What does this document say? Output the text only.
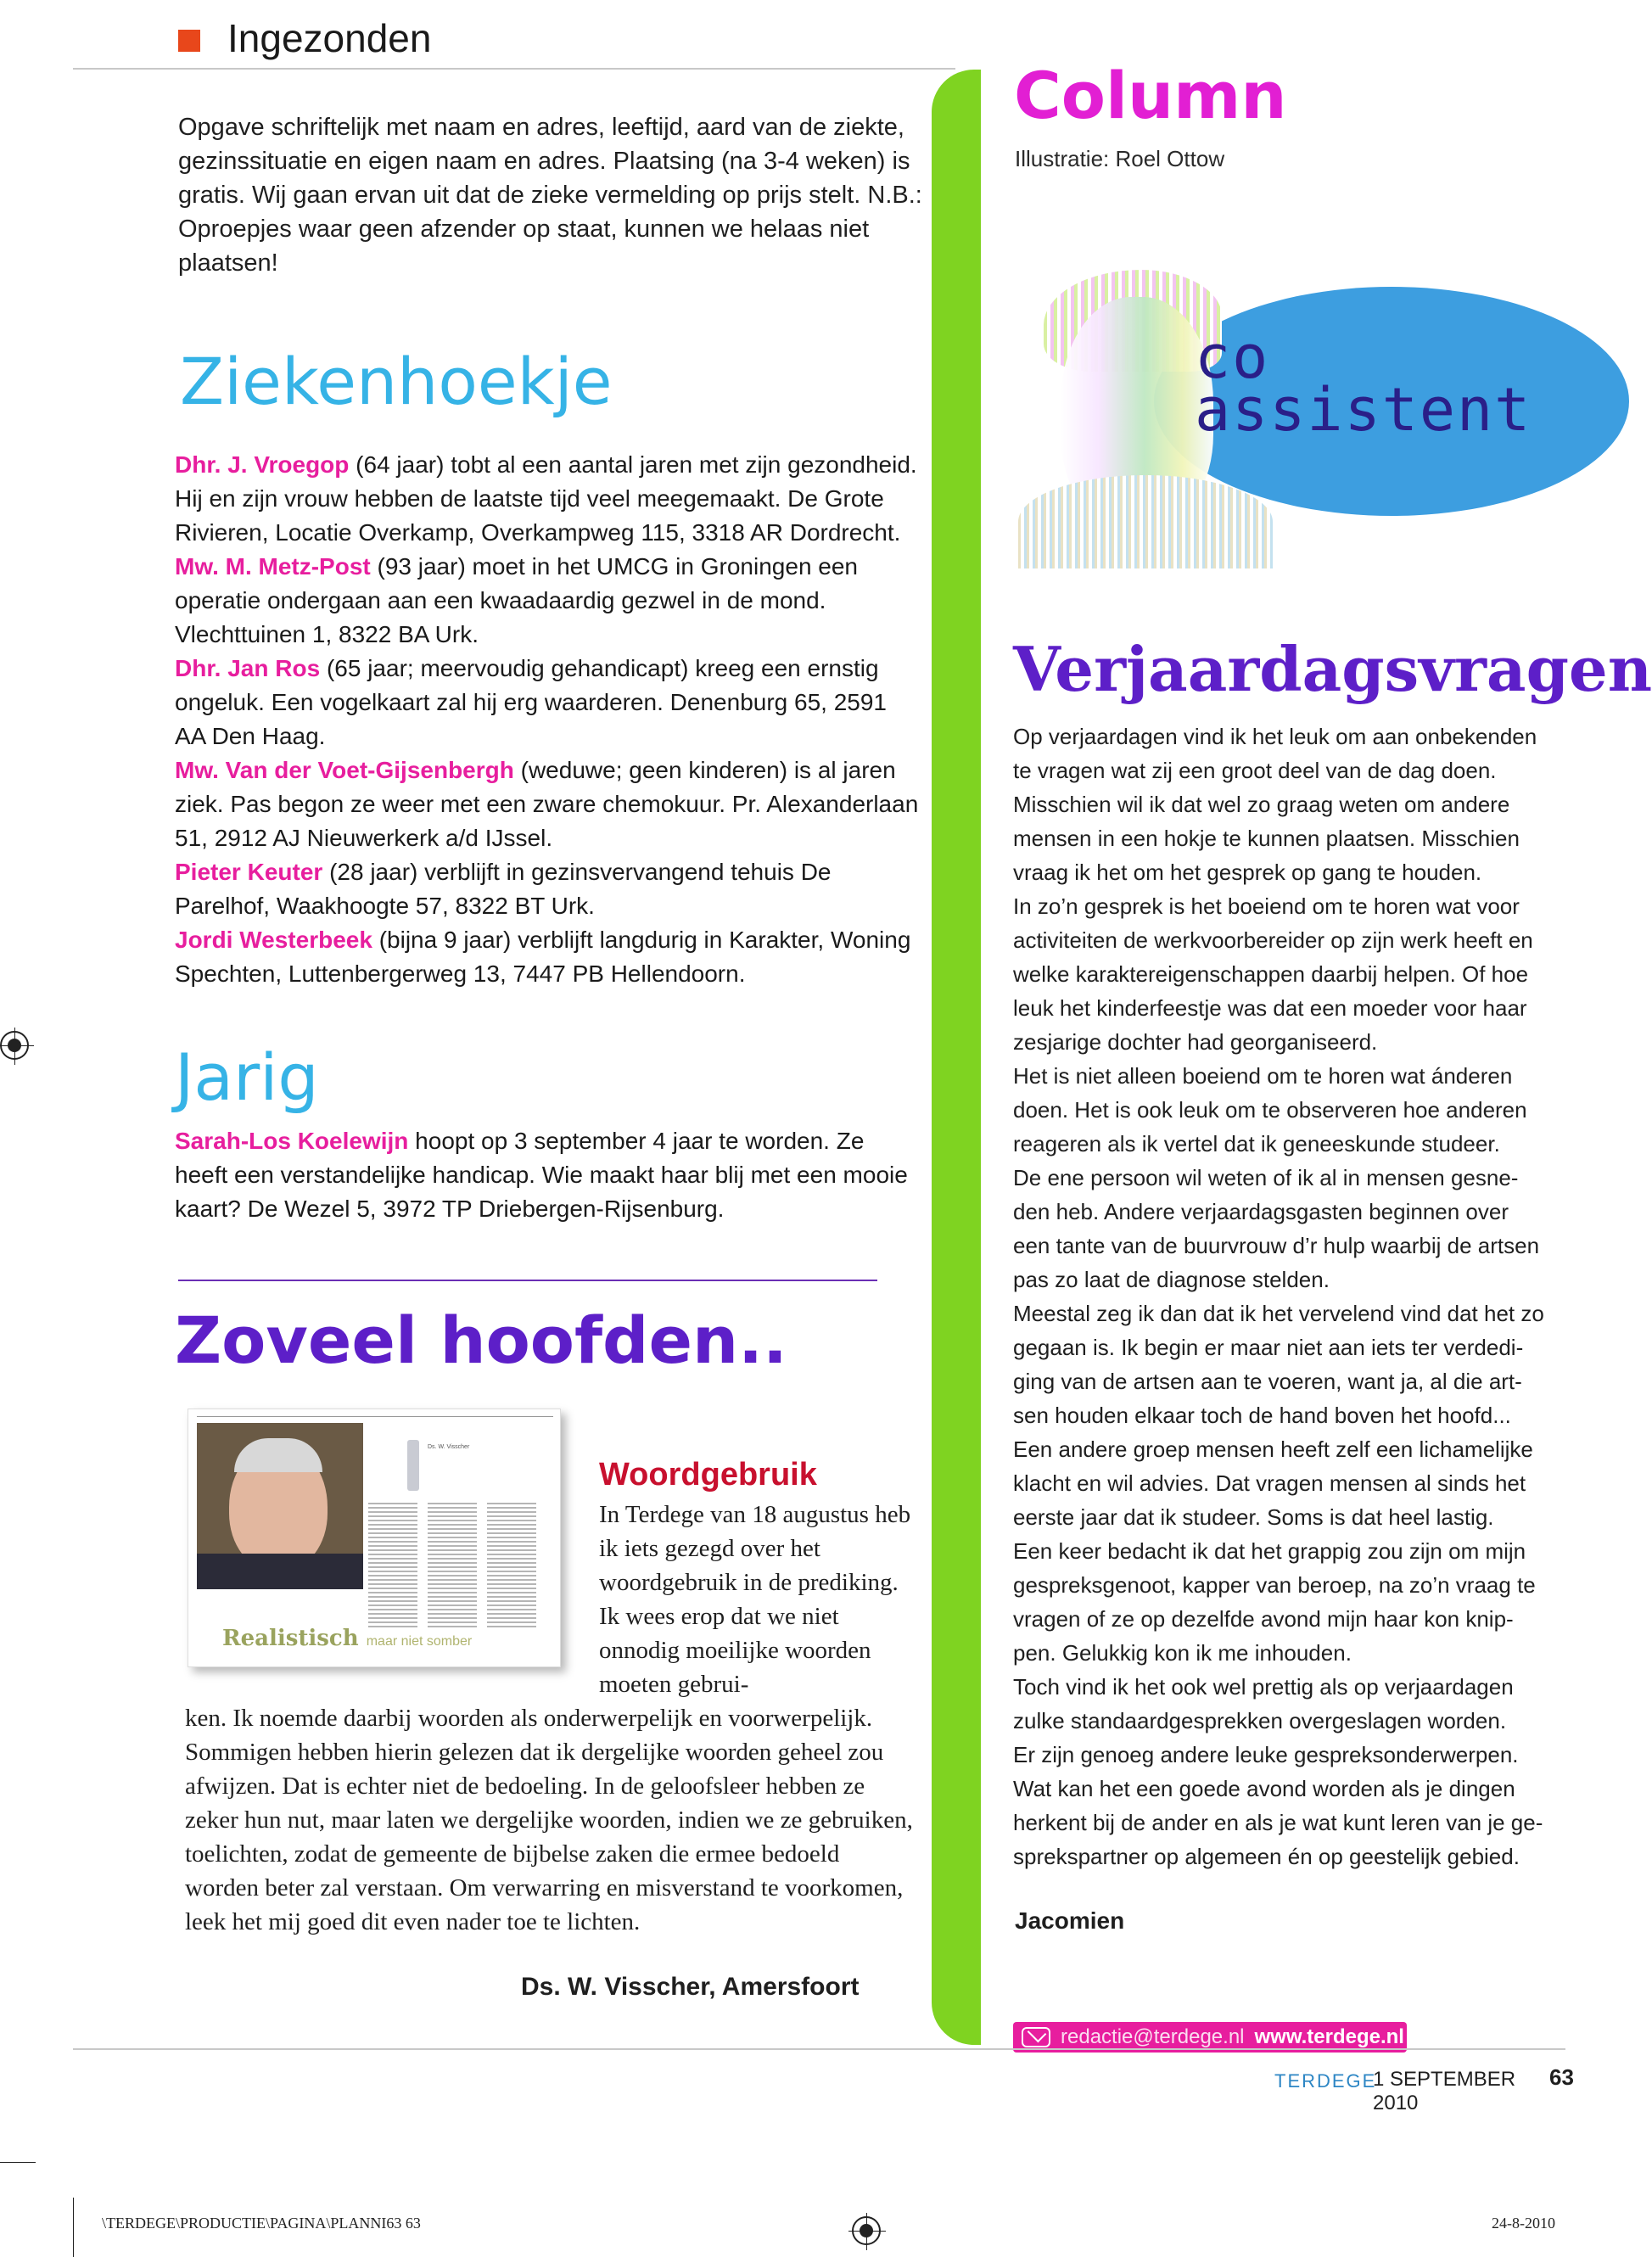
Ingezonden

Opgave schriftelijk met naam en adres, leeftijd, aard van de ziekte, gezinssituatie en eigen naam en adres. Plaatsing (na 3-4 weken) is gratis. Wij gaan ervan uit dat de zieke vermelding op prijs stelt. N.B.: Oproepjes waar geen afzender op staat, kunnen we helaas niet plaatsen!

Ziekenhoekje

Dhr. J. Vroegop (64 jaar) tobt al een aantal jaren met zijn gezondheid. Hij en zijn vrouw hebben de laatste tijd veel meegemaakt. De Grote Rivieren, Locatie Overkamp, Overkampweg 115, 3318 AR Dordrecht.

Mw. M. Metz-Post (93 jaar) moet in het UMCG in Groningen een operatie ondergaan aan een kwaadaardig gezwel in de mond. Vlechttuinen 1, 8322 BA Urk.

Dhr. Jan Ros (65 jaar; meervoudig gehandicapt) kreeg een ernstig ongeluk. Een vogelkaart zal hij erg waarderen. Denenburg 65, 2591 AA Den Haag.

Mw. Van der Voet-Gijsenbergh (weduwe; geen kinderen) is al jaren ziek. Pas begon ze weer met een zware chemokuur. Pr. Alexanderlaan 51, 2912 AJ Nieuwerkerk a/d IJssel.

Pieter Keuter (28 jaar) verblijft in gezinsvervangend tehuis De Parelhof, Waakhoogte 57, 8322 BT Urk.

Jordi Westerbeek (bijna 9 jaar) verblijft langdurig in Karakter, Woning Spechten, Luttenbergerweg 13, 7447 PB Hellendoorn.

Jarig

Sarah-Los Koelewijn hoopt op 3 september 4 jaar te worden. Ze heeft een verstandelijke handicap. Wie maakt haar blij met een mooie kaart? De Wezel 5, 3972 TP Driebergen-Rijsenburg.

Zoveel hoofden..
Ds. W. Visscher
Realistisch maar niet somber
Woordgebruik

In Terdege van 18 augustus heb ik iets gezegd over het woordgebruik in de prediking. Ik wees erop dat we niet onnodig moeilijke woorden moeten gebrui-

ken. Ik noemde daarbij woorden als onderwerpelijk en voorwerpelijk. Sommigen hebben hierin gelezen dat ik dergelijke woorden geheel zou afwijzen. Dat is echter niet de bedoeling. In de geloofsleer hebben ze zeker hun nut, maar laten we dergelijke woorden, indien we ze gebruiken, toelichten, zodat de gemeente de bijbelse zaken die ermee bedoeld worden beter zal verstaan. Om verwarring en misverstand te voorkomen, leek het mij goed dit even nader toe te lichten.

Ds. W. Visscher, Amersfoort
Column
Illustratie: Roel Ottow
co
assistent
Verjaardagsvragen
Op verjaardagen vind ik het leuk om aan onbekenden
te vragen wat zij een groot deel van de dag doen.
Misschien wil ik dat wel zo graag weten om andere
mensen in een hokje te kunnen plaatsen. Misschien
vraag ik het om het gesprek op gang te houden.
In zo’n gesprek is het boeiend om te horen wat voor
activiteiten de werkvoorbereider op zijn werk heeft en
welke karaktereigenschappen daarbij helpen. Of hoe
leuk het kinderfeestje was dat een moeder voor haar
zesjarige dochter had georganiseerd.
Het is niet alleen boeiend om te horen wat ánderen
doen. Het is ook leuk om te observeren hoe anderen
reageren als ik vertel dat ik geneeskunde studeer.
De ene persoon wil weten of ik al in mensen gesne-
den heb. Andere verjaardagsgasten beginnen over
een tante van de buurvrouw d’r hulp waarbij de artsen
pas zo laat de diagnose stelden.
Meestal zeg ik dan dat ik het vervelend vind dat het zo
gegaan is. Ik begin er maar niet aan iets ter verdedi-
ging van de artsen aan te voeren, want ja, al die art-
sen houden elkaar toch de hand boven het hoofd...
Een andere groep mensen heeft zelf een lichamelijke
klacht en wil advies. Dat vragen mensen al sinds het
eerste jaar dat ik studeer. Soms is dat heel lastig.
Een keer bedacht ik dat het grappig zou zijn om mijn
gespreksgenoot, kapper van beroep, na zo’n vraag te
vragen of ze op dezelfde avond mijn haar kon knip-
pen. Gelukkig kon ik me inhouden.
Toch vind ik het ook wel prettig als op verjaardagen
zulke standaardgesprekken overgeslagen worden.
Er zijn genoeg andere leuke gespreksonderwerpen.
Wat kan het een goede avond worden als je dingen
herkent bij de ander en als je wat kunt leren van je ge-
sprekspartner op algemeen én op geestelijk gebied.
Jacomien
redactie@terdege.nl www.terdege.nl
TERDEGE
1 SEPTEMBER 2010
63
\TERDEGE\PRODUCTIE\PAGINA\PLANNI63 63	24-8-2010
